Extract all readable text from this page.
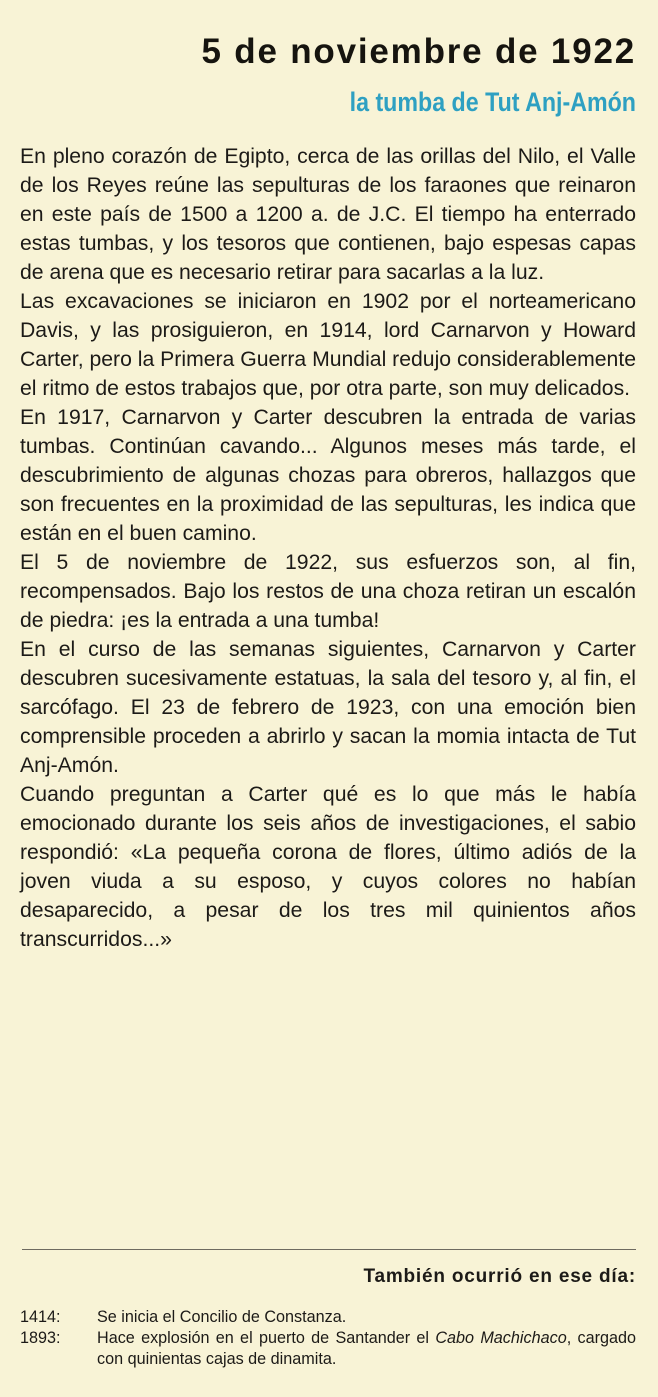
5 de noviembre de 1922
la tumba de Tut Anj-Amón

En pleno corazón de Egipto, cerca de las orillas del Nilo, el Valle de los Reyes reúne las sepulturas de los faraones que reinaron en este país de 1500 a 1200 a. de J.C. El tiempo ha enterrado estas tumbas, y los tesoros que contienen, bajo espesas capas de arena que es necesario retirar para sacarlas a la luz.

Las excavaciones se iniciaron en 1902 por el norteamericano Davis, y las prosiguieron, en 1914, lord Carnarvon y Howard Carter, pero la Primera Guerra Mundial redujo considerablemente el ritmo de estos trabajos que, por otra parte, son muy delicados.

En 1917, Carnarvon y Carter descubren la entrada de varias tumbas. Continúan cavando... Algunos meses más tarde, el descubrimiento de algunas chozas para obreros, hallazgos que son frecuentes en la proximidad de las sepulturas, les indica que están en el buen camino.

El 5 de noviembre de 1922, sus esfuerzos son, al fin, recompensados. Bajo los restos de una choza retiran un escalón de piedra: ¡es la entrada a una tumba!

En el curso de las semanas siguientes, Carnarvon y Carter descubren sucesivamente estatuas, la sala del tesoro y, al fin, el sarcófago. El 23 de febrero de 1923, con una emoción bien comprensible proceden a abrirlo y sacan la momia intacta de Tut Anj-Amón.

Cuando preguntan a Carter qué es lo que más le había emocionado durante los seis años de investigaciones, el sabio respondió: «La pequeña corona de flores, último adiós de la joven viuda a su esposo, y cuyos colores no habían desaparecido, a pesar de los tres mil quinientos años transcurridos...»

También ocurrió en ese día:
1414:	Se inicia el Concilio de Constanza.
1893:	Hace explosión en el puerto de Santander el Cabo Machichaco, cargado con quinientas cajas de dinamita.
